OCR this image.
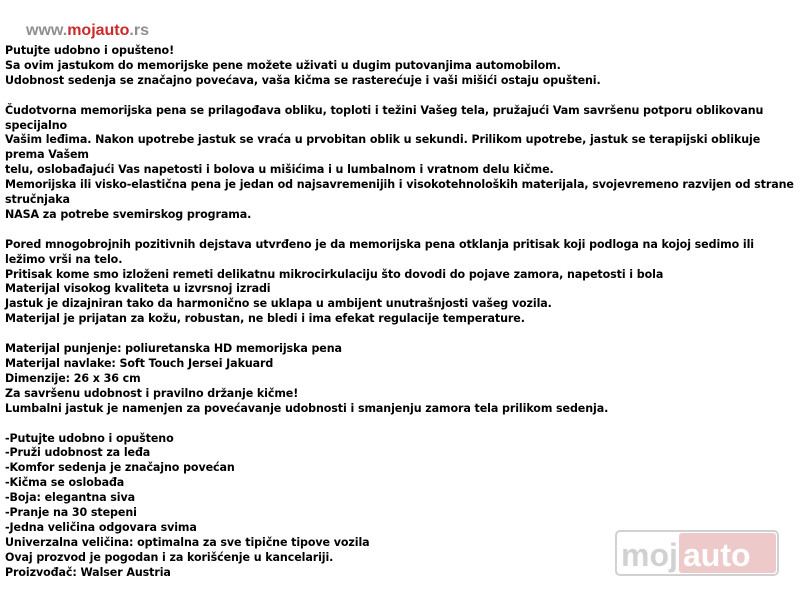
www.mojauto.rs

Putujte udobno i opušteno!
Sa ovim jastukom do memorijske pene možete uživati u dugim putovanjima automobilom.
Udobnost sedenja se značajno povećava, vaša kičma se rasterećuje i vaši mišići ostaju opušteni.

Čudotvorna memorijska pena se prilagođava obliku, toploti i težini Vašeg tela, pružajući Vam savršenu potporu oblikovanu specijalno
Vašim leđima. Nakon upotrebe jastuk se vraća u prvobitan oblik u sekundi. Prilikom upotrebe, jastuk se terapijski oblikuje prema Vašem
telu, oslobađajući Vas napetosti i bolova u mišićima i u lumbalnom i vratnom delu kičme.
Memorijska ili visko-elastična pena je jedan od najsavremenijih i visokotehnoloških materijala, svojevremeno razvijen od strane stručnjaka
NASA za potrebe svemirskog programa.

Pored mnogobrojnih pozitivnih dejstava utvrđeno je da memorijska pena otklanja pritisak koji podloga na kojoj sedimo ili ležimo vrši na telo.
Pritisak kome smo izloženi remeti delikatnu mikrocirkulaciju što dovodi do pojave zamora, napetosti i bola
Materijal visokog kvaliteta u izvrsnoj izradi
Jastuk je dizajniran tako da harmonično se uklapa u ambijent unutrašnjosti vašeg vozila.
Materijal je prijatan za kožu, robustan, ne bledi i ima efekat regulacije temperature.

Materijal punjenje: poliuretanska HD memorijska pena
Materijal navlake: Soft Touch Jersei Jakuard
Dimenzije: 26 x 36 cm
Za savršenu udobnost i pravilno držanje kičme!
Lumbalni jastuk je namenjen za povećavanje udobnosti i smanjenju zamora tela prilikom sedenja.

-Putujte udobno i opušteno
-Pruži udobnost za leđa
-Komfor sedenja je značajno povećan
-Kičma se oslobađa
-Boja: elegantna siva
-Pranje na 30 stepeni
-Jedna veličina odgovara svima
Univerzalna veličina: optimalna za sve tipične tipove vozila
Ovaj prozvod je pogodan i za korišćenje u kancelariji.
Proizvođač: Walser Austria	moj auto
